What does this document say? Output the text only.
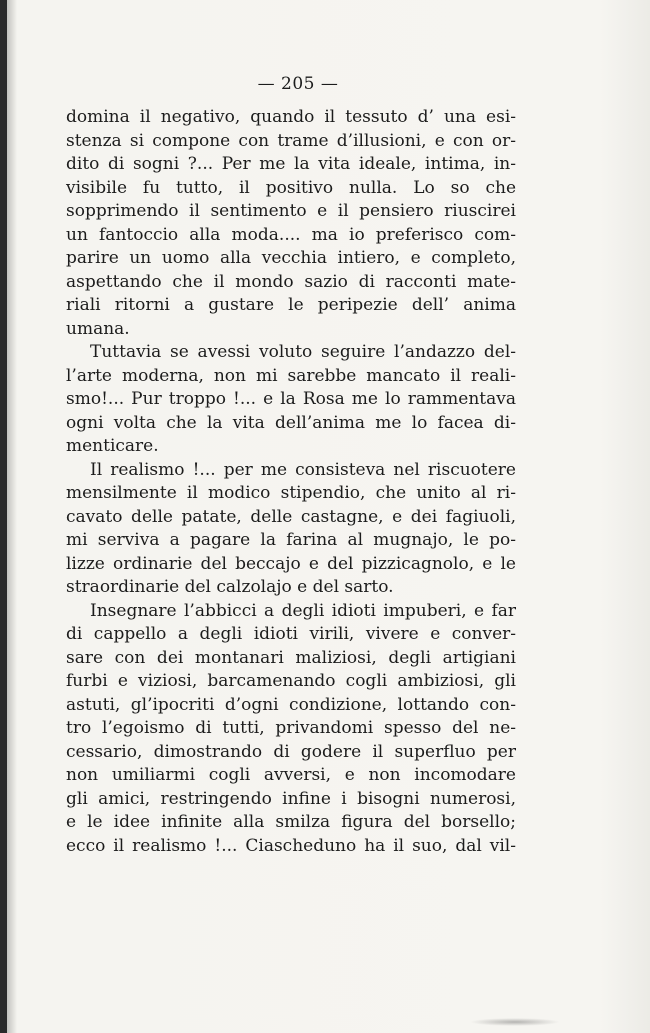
— 205 —
domina il negativo, quando il tessuto d’ una esi-
stenza si compone con trame d’illusioni, e con or-
dito di sogni ?... Per me la vita ideale, intima, in-
visibile fu tutto, il positivo nulla. Lo so che
sopprimendo il sentimento e il pensiero riuscirei
un fantoccio alla moda.... ma io preferisco com-
parire un uomo alla vecchia intiero, e completo,
aspettando che il mondo sazio di racconti mate-
riali ritorni a gustare le peripezie dell’ anima
umana.
Tuttavia se avessi voluto seguire l’andazzo del-
l’arte moderna, non mi sarebbe mancato il reali-
smo!... Pur troppo !... e la Rosa me lo rammentava
ogni volta che la vita dell’anima me lo facea di-
menticare.
Il realismo !... per me consisteva nel riscuotere
mensilmente il modico stipendio, che unito al ri-
cavato delle patate, delle castagne, e dei fagiuoli,
mi serviva a pagare la farina al mugnajo, le po-
lizze ordinarie del beccajo e del pizzicagnolo, e le
straordinarie del calzolajo e del sarto.
Insegnare l’abbicci a degli idioti impuberi, e far
di cappello a degli idioti virili, vivere e conver-
sare con dei montanari maliziosi, degli artigiani
furbi e viziosi, barcamenando cogli ambiziosi, gli
astuti, gl’ipocriti d’ogni condizione, lottando con-
tro l’egoismo di tutti, privandomi spesso del ne-
cessario, dimostrando di godere il superfluo per
non umiliarmi cogli avversi, e non incomodare
gli amici, restringendo infine i bisogni numerosi,
e le idee infinite alla smilza figura del borsello;
ecco il realismo !... Ciascheduno ha il suo, dal vil-
